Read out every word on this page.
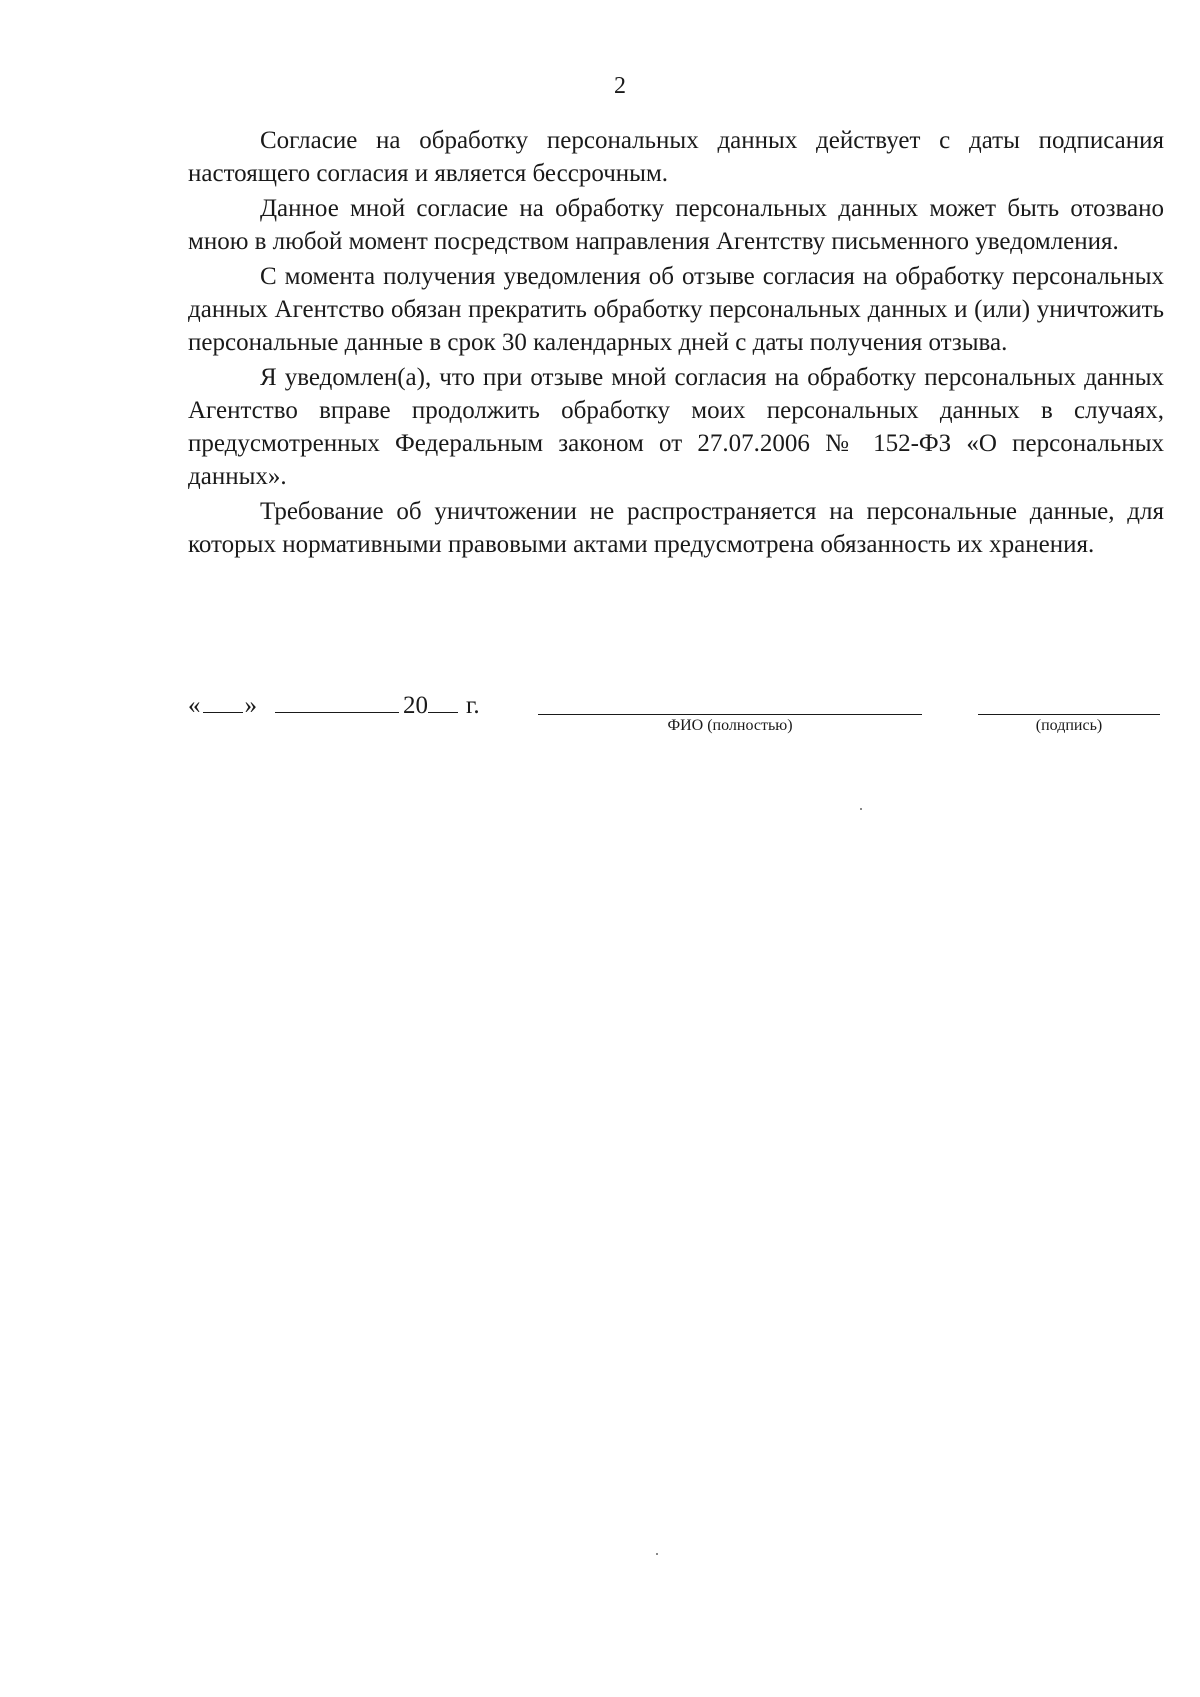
2

Согласие на обработку персональных данных действует с даты подписания настоящего согласия и является бессрочным.

Данное мной согласие на обработку персональных данных может быть отозвано мною в любой момент посредством направления Агентству письменного уведомления.

С момента получения уведомления об отзыве согласия на обработку персональных данных Агентство обязан прекратить обработку персональных данных и (или) уничтожить персональные данные в срок 30 календарных дней с даты получения отзыва.

Я уведомлен(а), что при отзыве мной согласия на обработку персональных данных Агентство вправе продолжить обработку моих персональных данных в случаях, предусмотренных Федеральным законом от 27.07.2006 № 152-ФЗ «О персональных данных».

Требование об уничтожении не распространяется на персональные данные, для которых нормативными правовыми актами предусмотрена обязанность их хранения.

« »	20 г.
ФИО (полностью)	(подпись)
